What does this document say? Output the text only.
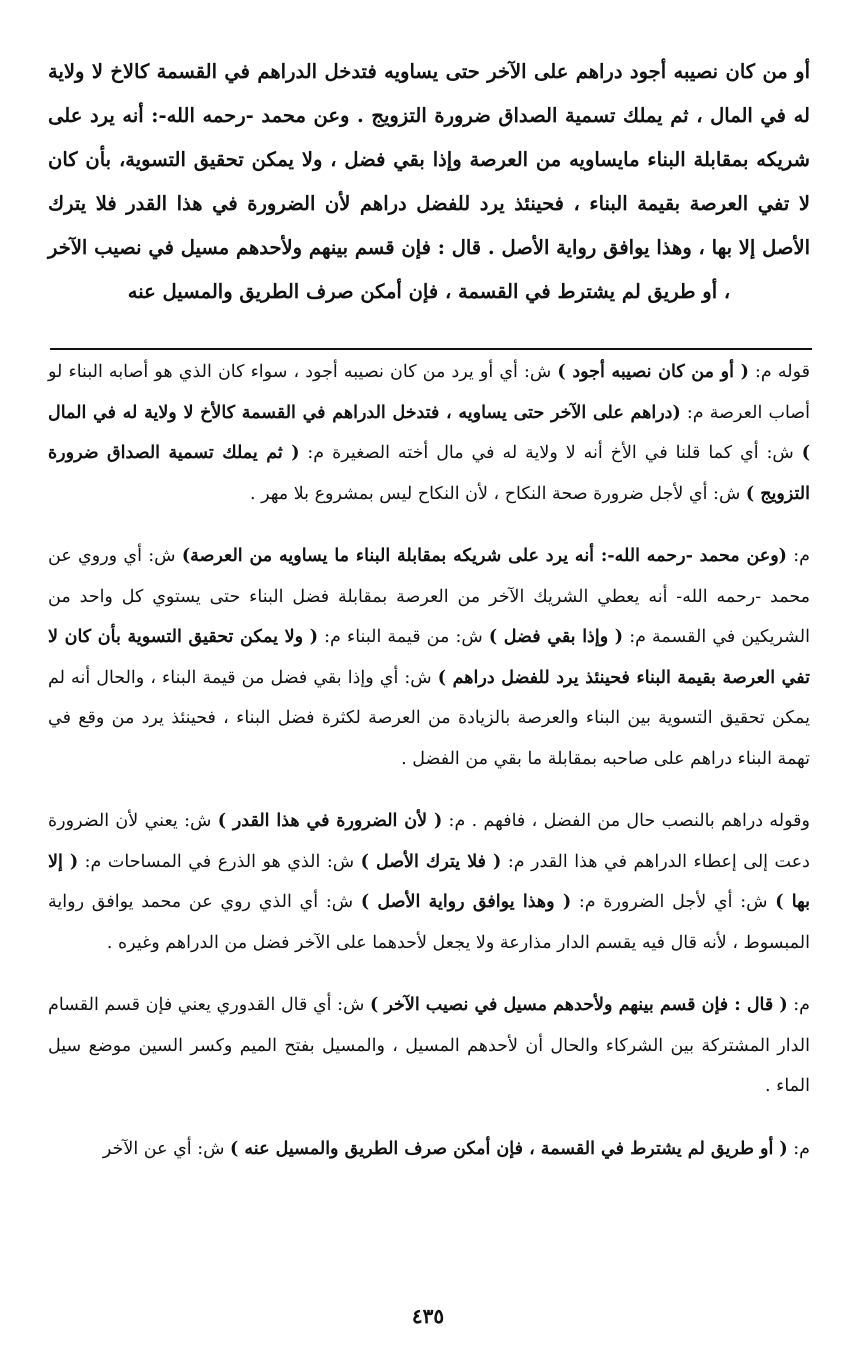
أو من كان نصيبه أجود دراهم على الآخر حتى يساويه فتدخل الدراهم في القسمة كالاخ لا ولاية له في المال ، ثم يملك تسمية الصداق ضرورة التزويج . وعن محمد -رحمه الله-: أنه يرد على شريكه بمقابلة البناء مايساويه من العرصة وإذا بقي فضل ، ولا يمكن تحقيق التسوية، بأن كان لا تفي العرصة بقيمة البناء ، فحينئذ يرد للفضل دراهم لأن الضرورة في هذا القدر فلا يترك الأصل إلا بها ، وهذا يوافق رواية الأصل . قال : فإن قسم بينهم ولأحدهم مسيل في نصيب الآخر ، أو طريق لم يشترط في القسمة ، فإن أمكن صرف الطريق والمسيل عنه

قوله م: ( أو من كان نصيبه أجود ) ش: أي أو يرد من كان نصيبه أجود ، سواء كان الذي هو أصابه البناء لو أصاب العرصة م: (دراهم على الآخر حتى يساويه ، فتدخل الدراهم في القسمة كالأخ لا ولاية له في المال ) ش: أي كما قلنا في الأخ أنه لا ولاية له في مال أخته الصغيرة م: ( ثم يملك تسمية الصداق ضرورة التزويج ) ش: أي لأجل ضرورة صحة النكاح ، لأن النكاح ليس بمشروع بلا مهر .

م: (وعن محمد -رحمه الله-: أنه يرد على شريكه بمقابلة البناء ما يساويه من العرصة) ش: أي وروي عن محمد -رحمه الله- أنه يعطي الشريك الآخر من العرصة بمقابلة فضل البناء حتى يستوي كل واحد من الشريكين في القسمة م: ( وإذا بقي فضل ) ش: من قيمة البناء م: ( ولا يمكن تحقيق التسوية بأن كان لا تفي العرصة بقيمة البناء فحينئذ يرد للفضل دراهم ) ش: أي وإذا بقي فضل من قيمة البناء ، والحال أنه لم يمكن تحقيق التسوية بين البناء والعرصة بالزيادة من العرصة لكثرة فضل البناء ، فحينئذ يرد من وقع في تهمة البناء دراهم على صاحبه بمقابلة ما بقي من الفضل .

وقوله دراهم بالنصب حال من الفضل ، فافهم . م: ( لأن الضرورة في هذا القدر ) ش: يعني لأن الضرورة دعت إلى إعطاء الدراهم في هذا القدر م: ( فلا يترك الأصل ) ش: الذي هو الذرع في المساحات م: ( إلا بها ) ش: أي لأجل الضرورة م: ( وهذا يوافق رواية الأصل ) ش: أي الذي روي عن محمد يوافق رواية المبسوط ، لأنه قال فيه يقسم الدار مذارعة ولا يجعل لأحدهما على الآخر فضل من الدراهم وغيره .

م: ( قال : فإن قسم بينهم ولأحدهم مسيل في نصيب الآخر ) ش: أي قال القدوري يعني فإن قسم القسام الدار المشتركة بين الشركاء والحال أن لأحدهم المسيل ، والمسيل بفتح الميم وكسر السين موضع سيل الماء .

م: ( أو طريق لم يشترط في القسمة ، فإن أمكن صرف الطريق والمسيل عنه ) ش: أي عن الآخر

٤٣٥
